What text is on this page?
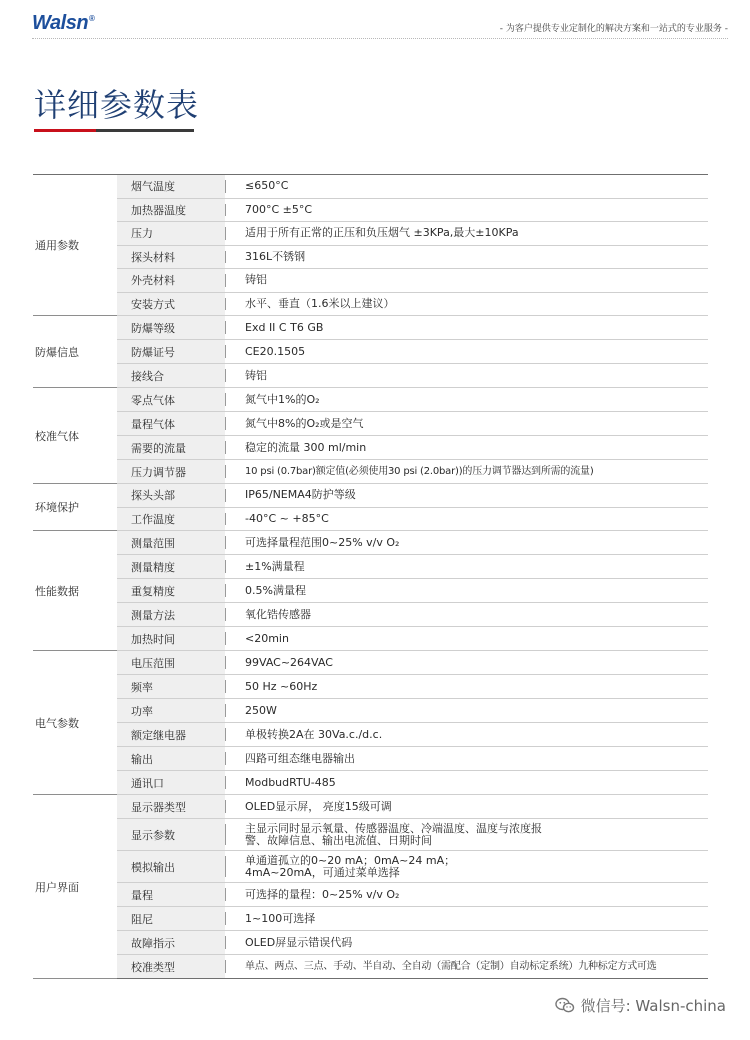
Walsn®
- 为客户提供专业定制化的解决方案和一站式的专业服务 -
详细参数表
通用参数	烟气温度		≤650°C
	加热器温度		700°C ±5°C
	压力		适用于所有正常的正压和负压烟气 ±3KPa,最大±10KPa
	探头材料		316L不锈钢
	外壳材料		铸铝
	安装方式		水平、垂直（1.6米以上建议）
防爆信息	防爆等级		Exd II C T6 GB
	防爆证号		CE20.1505
	接线合		铸铝
校准气体	零点气体		氮气中1%的O₂
	量程气体		氮气中8%的O₂或是空气
	需要的流量		稳定的流量 300 ml/min
	压力调节器		10 psi (0.7bar)额定值(必须使用30 psi (2.0bar))的压力调节器达到所需的流量)
环境保护	探头头部		IP65/NEMA4防护等级
	工作温度		-40°C ~ +85°C
性能数据	测量范围		可选择量程范围0~25% v/v O₂
	测量精度		±1%满量程
	重复精度		0.5%满量程
	测量方法		氧化锆传感器
	加热时间		<20min
电气参数	电压范围		99VAC~264VAC
	频率		50 Hz ~60Hz
	功率		250W
	额定继电器		单极转换2A在 30Va.c./d.c.
	输出		四路可组态继电器输出
	通讯口		ModbudRTU-485
用户界面	显示器类型		OLED显示屏， 亮度15级可调
	显示参数		主显示同时显示氧量、传感器温度、冷端温度、温度与浓度报
警、故障信息、输出电流值、日期时间
	模拟输出		单通道孤立的0~20 mA；0mA~24 mA；
4mA~20mA，可通过菜单选择
	量程		可选择的量程：0~25% v/v O₂
	阻尼		1~100可选择
	故障指示		OLED屏显示错误代码
	校准类型		单点、两点、三点、手动、半自动、全自动（需配合（定制）自动标定系统）九种标定方式可选
微信号: Walsn-china
